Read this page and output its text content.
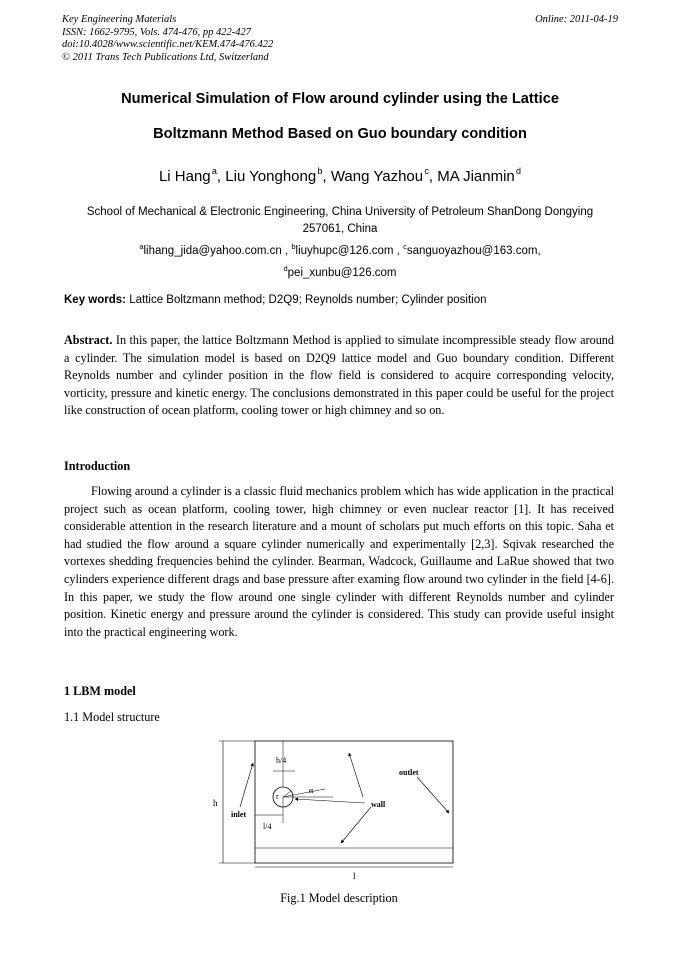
Key Engineering Materials
ISSN: 1662-9795, Vols. 474-476, pp 422-427
doi:10.4028/www.scientific.net/KEM.474-476.422
© 2011 Trans Tech Publications Ltd, Switzerland
Online: 2011-04-19
Numerical Simulation of Flow around cylinder using the Lattice
Boltzmann Method Based on Guo boundary condition
Li Hang $^a$, Liu Yonghong $^b$, Wang Yazhou $^c$, MA Jianmin $^d$
School of Mechanical & Electronic Engineering, China University of Petroleum ShanDong Dongying
257061, China
$^a$lihang_jida@yahoo.com.cn , $^b$liuyhupc@126.com , $^c$sanguoyazhou@163.com,
$^d$pei_xunbu@126.com
Key words: Lattice Boltzmann method; D2Q9; Reynolds number; Cylinder position
Abstract. In this paper, the lattice Boltzmann Method is applied to simulate incompressible steady flow around a cylinder. The simulation model is based on D2Q9 lattice model and Guo boundary condition. Different Reynolds number and cylinder position in the flow field is considered to acquire corresponding velocity, vorticity, pressure and kinetic energy. The conclusions demonstrated in this paper could be useful for the project like construction of ocean platform, cooling tower or high chimney and so on.
Introduction
Flowing around a cylinder is a classic fluid mechanics problem which has wide application in the practical project such as ocean platform, cooling tower, high chimney or even nuclear reactor [1]. It has received considerable attention in the research literature and a mount of scholars put much efforts on this topic. Saha et had studied the flow around a square cylinder numerically and experimentally [2,3]. Sqivak researched the vortexes shedding frequencies behind the cylinder. Bearman, Wadcock, Guillaume and LaRue showed that two cylinders experience different drags and base pressure after examing flow around two cylinder in the field [4-6]. In this paper, we study the flow around one single cylinder with different Reynolds number and cylinder position. Kinetic energy and pressure around the cylinder is considered. This study can provide useful insight into the practical engineering work.
1 LBM model
1.1 Model structure
h/4
α
r
inlet
wall
outlet
h
l/4
l
Fig.1 Model description
